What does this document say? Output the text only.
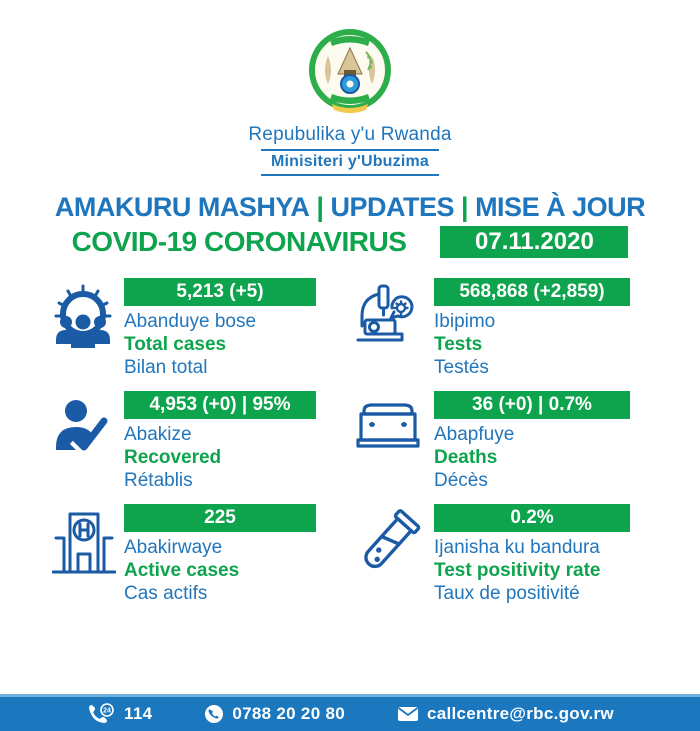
Repubulika y'u Rwanda
Minisiteri y'Ubuzima
AMAKURU MASHYA | UPDATES | MISE À JOUR
COVID-19 CORONAVIRUS	07.11.2020
5,213 (+5)
Abanduye bose
Total cases
Bilan total
568,868 (+2,859)
Ibipimo
Tests
Testés
4,953 (+0) | 95%
Abakize
Recovered
Rétablis
36 (+0) | 0.7%
Abapfuye
Deaths
Décès
225
Abakirwaye
Active cases
Cas actifs
0.2%
Ijanisha ku bandura
Test positivity rate
Taux de positivité
24 114	0788 20 20 80	callcentre@rbc.gov.rw
